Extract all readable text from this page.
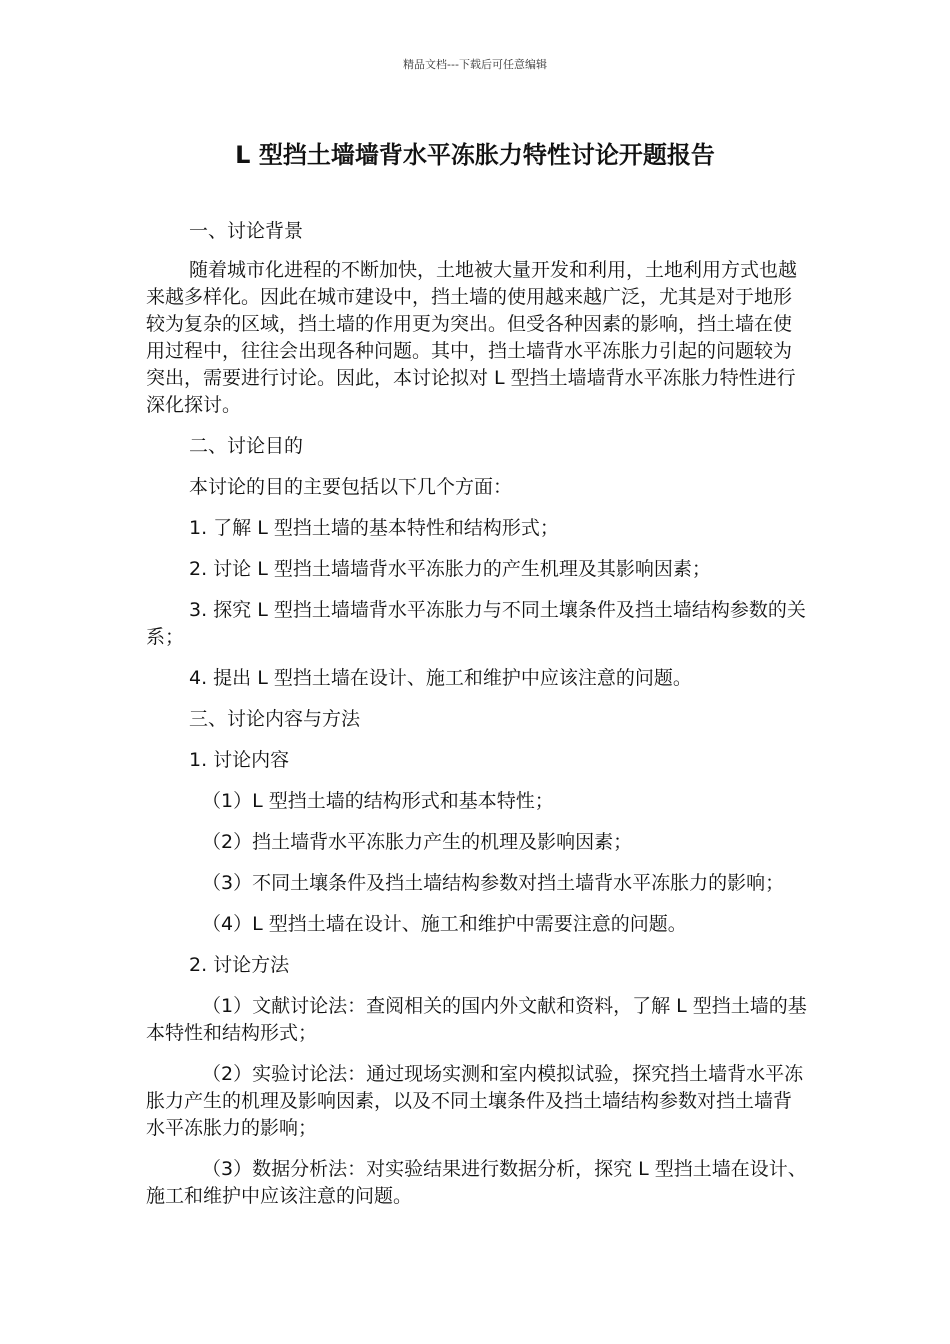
精品文档---下载后可任意编辑
L 型挡土墙墙背水平冻胀力特性讨论开题报告

一、讨论背景

随着城市化进程的不断加快，土地被大量开发和利用，土地利用方式也越来越多样化。因此在城市建设中，挡土墙的使用越来越广泛，尤其是对于地形较为复杂的区域，挡土墙的作用更为突出。但受各种因素的影响，挡土墙在使用过程中，往往会出现各种问题。其中，挡土墙背水平冻胀力引起的问题较为突出，需要进行讨论。因此，本讨论拟对 L 型挡土墙墙背水平冻胀力特性进行深化探讨。

二、讨论目的

本讨论的目的主要包括以下几个方面：

1. 了解 L 型挡土墙的基本特性和结构形式；

2. 讨论 L 型挡土墙墙背水平冻胀力的产生机理及其影响因素；

3. 探究 L 型挡土墙墙背水平冻胀力与不同土壤条件及挡土墙结构参数的关系；

4. 提出 L 型挡土墙在设计、施工和维护中应该注意的问题。

三、讨论内容与方法

1. 讨论内容

（1）L 型挡土墙的结构形式和基本特性；

（2）挡土墙背水平冻胀力产生的机理及影响因素；

（3）不同土壤条件及挡土墙结构参数对挡土墙背水平冻胀力的影响；

（4）L 型挡土墙在设计、施工和维护中需要注意的问题。

2. 讨论方法

（1）文献讨论法：查阅相关的国内外文献和资料，了解 L 型挡土墙的基本特性和结构形式；

（2）实验讨论法：通过现场实测和室内模拟试验，探究挡土墙背水平冻胀力产生的机理及影响因素，以及不同土壤条件及挡土墙结构参数对挡土墙背水平冻胀力的影响；

（3）数据分析法：对实验结果进行数据分析，探究 L 型挡土墙在设计、施工和维护中应该注意的问题。
